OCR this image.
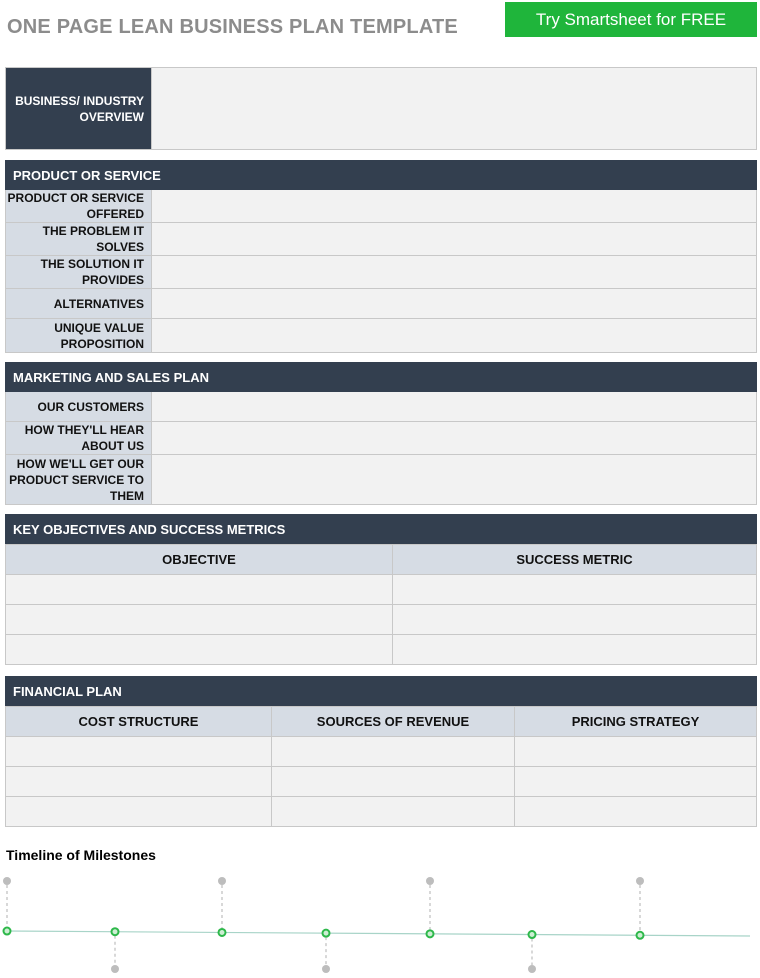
ONE PAGE LEAN BUSINESS PLAN TEMPLATE	Try Smartsheet for FREE
BUSINESS/ INDUSTRY OVERVIEW
PRODUCT OR SERVICE
PRODUCT OR SERVICE OFFERED
THE PROBLEM IT SOLVES
THE SOLUTION IT PROVIDES
ALTERNATIVES
UNIQUE VALUE PROPOSITION
MARKETING AND SALES PLAN
OUR CUSTOMERS
HOW THEY'LL HEAR ABOUT US
HOW WE'LL GET OUR PRODUCT SERVICE TO THEM
KEY OBJECTIVES AND SUCCESS METRICS
OBJECTIVE	SUCCESS METRIC

FINANCIAL PLAN
COST STRUCTURE	SOURCES OF REVENUE	PRICING STRATEGY

Timeline of Milestones
